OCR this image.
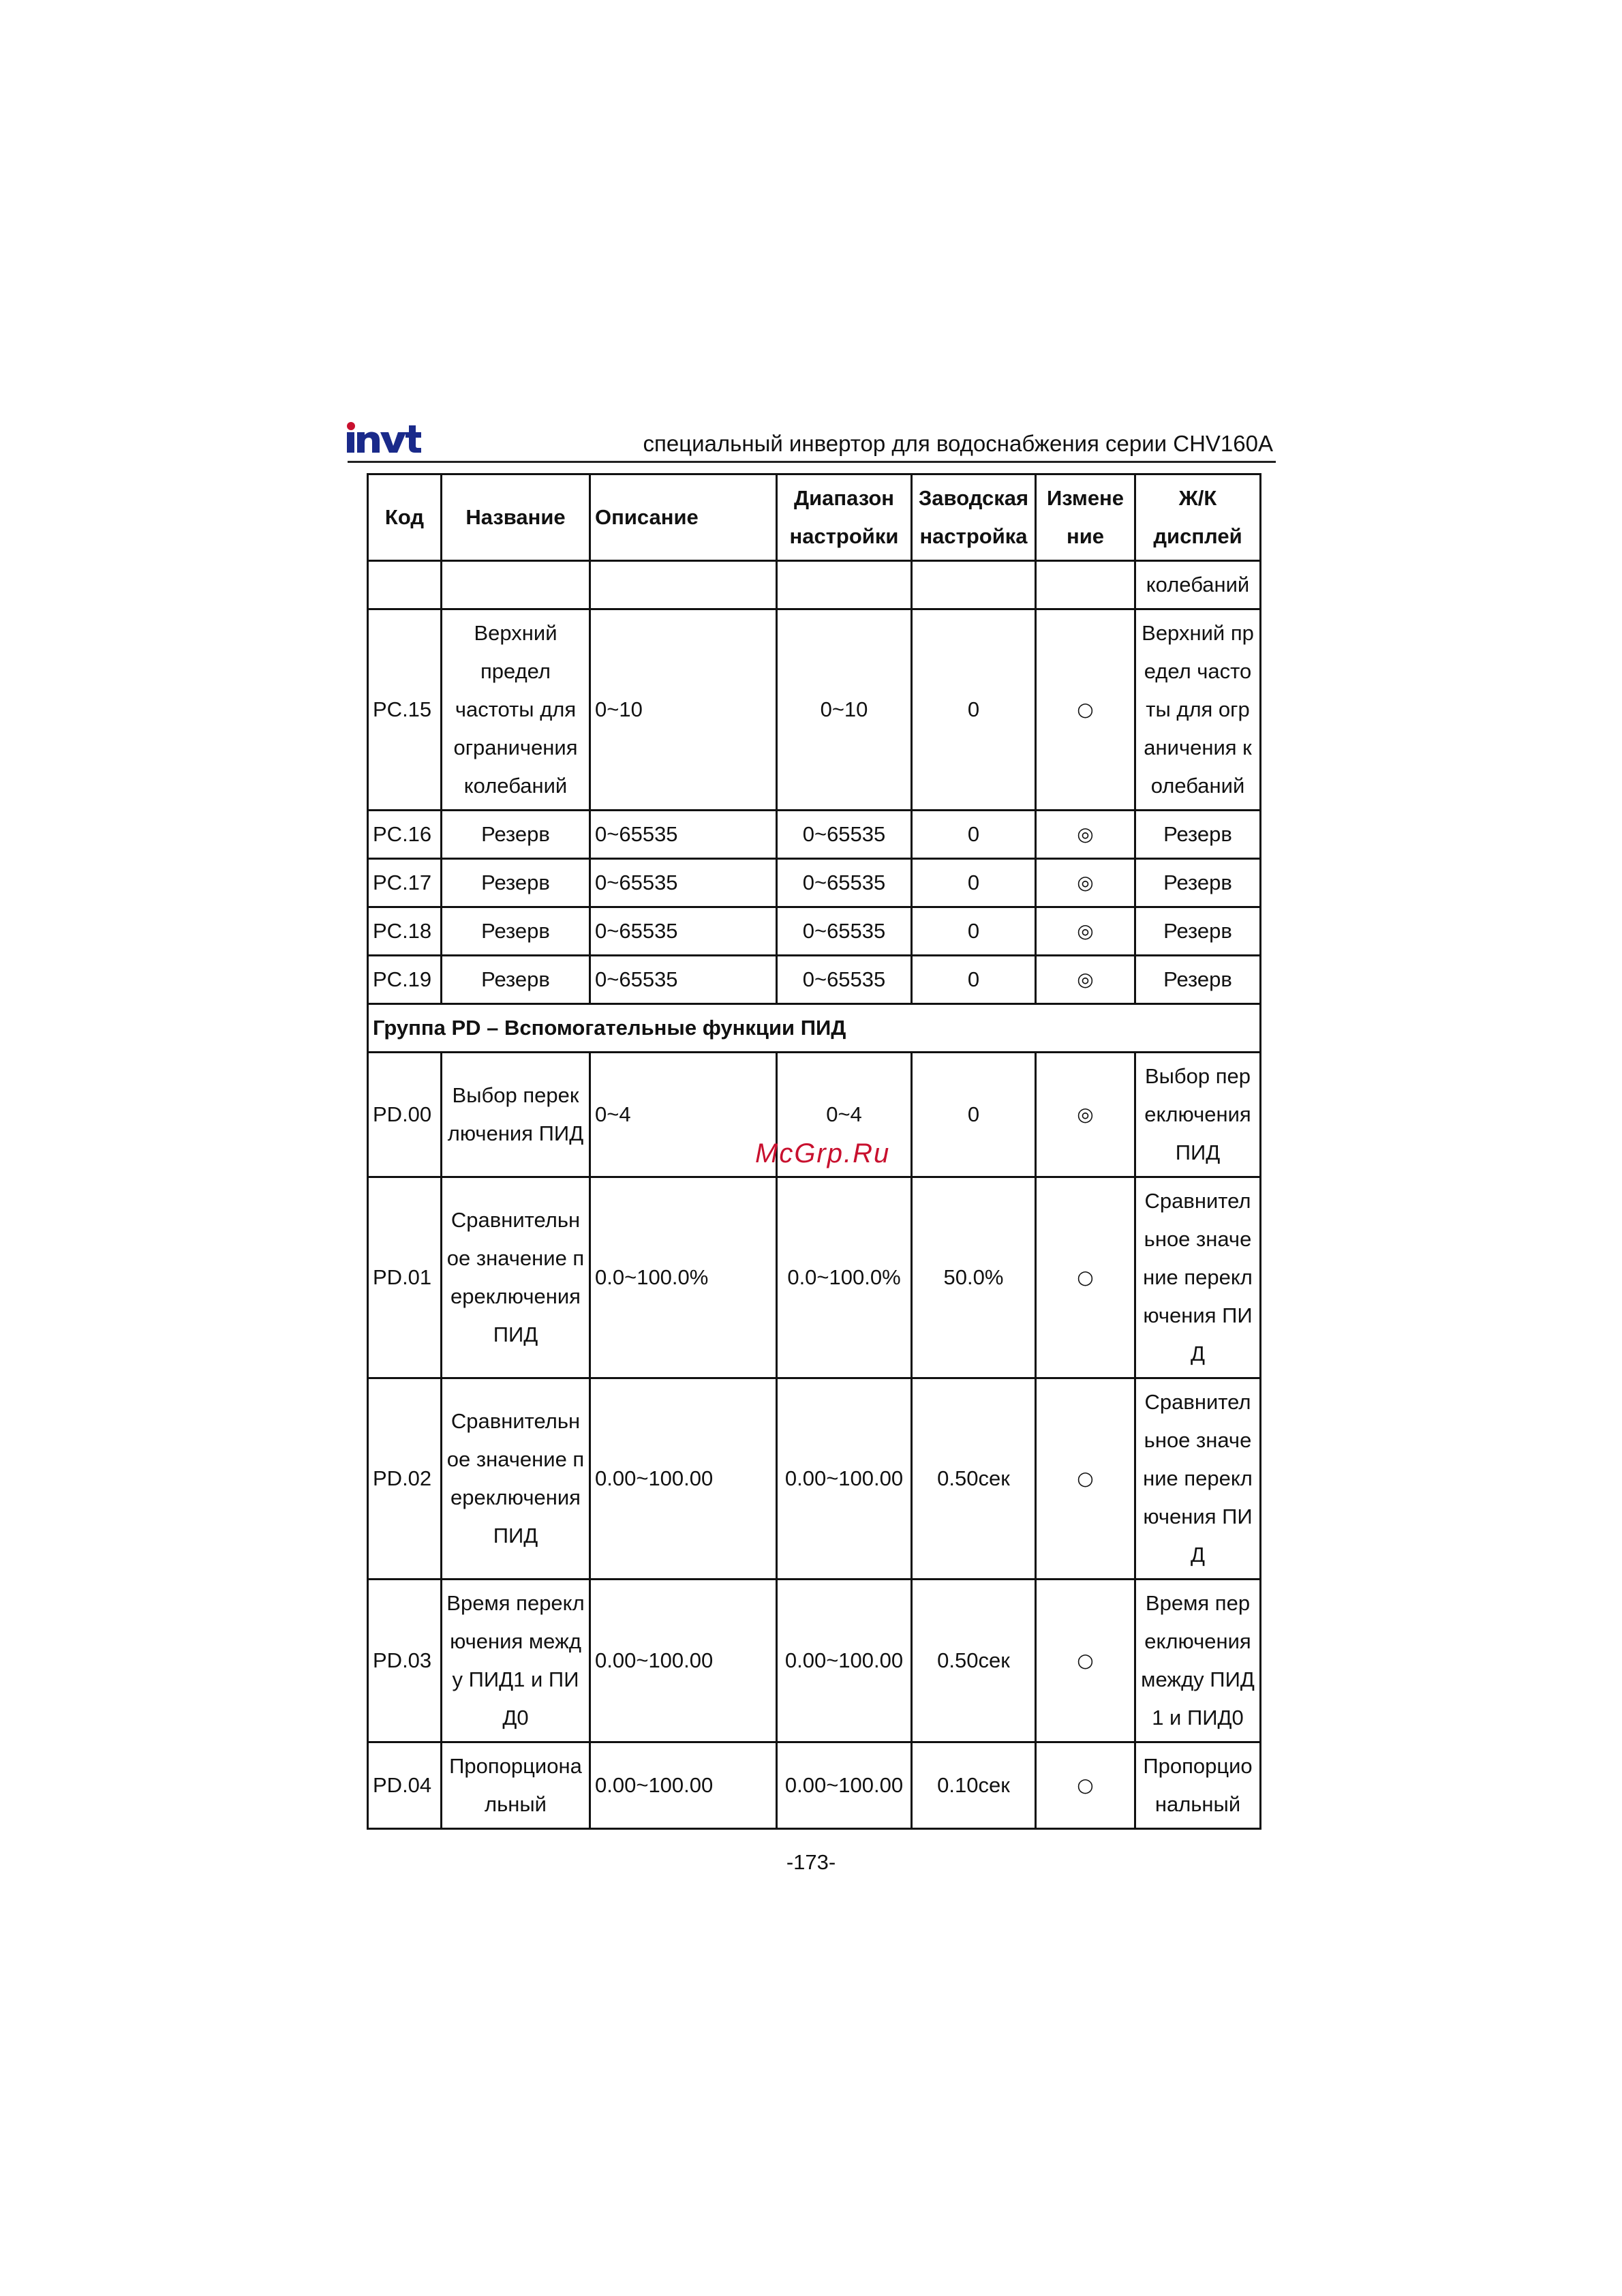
специальный инвертор для водоснабжения серии CHV160A
Код	Название	Описание	Диапазон настройки	Заводская настройка	Измене ние	Ж/К дисплей
						колебаний
PC.15	Верхний предел частоты для ограничения колебаний	0~10	0~10	0	○	Верхний предел частоты для ограничения колебаний
PC.16	Резерв	0~65535	0~65535	0	◎	Резерв
PC.17	Резерв	0~65535	0~65535	0	◎	Резерв
PC.18	Резерв	0~65535	0~65535	0	◎	Резерв
PC.19	Резерв	0~65535	0~65535	0	◎	Резерв
Группа PD – Вспомогательные функции ПИД						
PD.00	Выбор переключения ПИД	0~4	0~4	0	◎	Выбор переключения ПИД
PD.01	Сравнительное значение переключения ПИД	0.0~100.0%	0.0~100.0%	50.0%	○	Сравнительное значение переключения ПИД
PD.02	Сравнительное значение переключения ПИД	0.00~100.00	0.00~100.00	0.50сек	○	Сравнительное значение переключения ПИД
PD.03	Время переключения между ПИД1 и ПИД0	0.00~100.00	0.00~100.00	0.50сек	○	Время переключения между ПИД1 и ПИД0
PD.04	Пропорциональный	0.00~100.00	0.00~100.00	0.10сек	○	Пропорциональный
McGrp.Ru
-173-
